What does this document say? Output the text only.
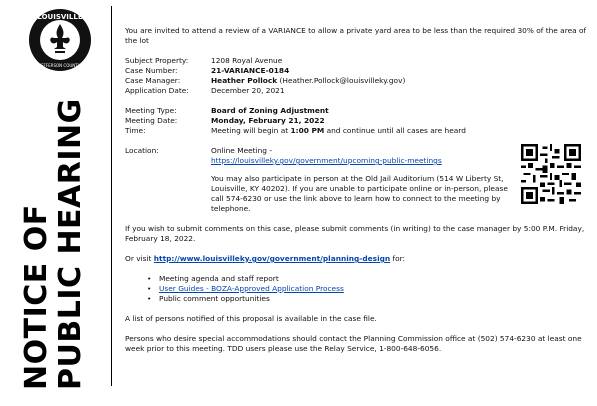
LOUISVILLE
JEFFERSON COUNTY
NOTICE OF PUBLIC HEARING
You are invited to attend a review of a VARIANCE to allow a private yard area to be less than the required 30% of the area of the lot
Subject Property:	1208 Royal Avenue
Case Number:	21-VARIANCE-0184
Case Manager:	Heather Pollock (Heather.Pollock@louisvilleky.gov)
Application Date:	December 20, 2021
Meeting Type:	Board of Zoning Adjustment
Meeting Date:	Monday, February 21, 2022
Time:	Meeting will begin at 1:00 PM and continue until all cases are heard
Location:	Online Meeting -
https://louisvilleky.gov/government/upcoming-public-meetings
You may also participate in person at the Old Jail Auditorium (514 W Liberty St, Louisville, KY 40202). If you are unable to participate online or in-person, please call 574-6230 or use the link above to learn how to connect to the meeting by telephone.
If you wish to submit comments on this case, please submit comments (in writing) to the case manager by 5:00 P.M. Friday, February 18, 2022.
Or visit http://www.louisvilleky.gov/government/planning-design for:
• Meeting agenda and staff report
• User Guides - BOZA-Approved Application Process
• Public comment opportunities
A list of persons notified of this proposal is available in the case file.
Persons who desire special accommodations should contact the Planning Commission office at (502) 574-6230 at least one week prior to this meeting. TDD users please use the Relay Service, 1-800-648-6056.
